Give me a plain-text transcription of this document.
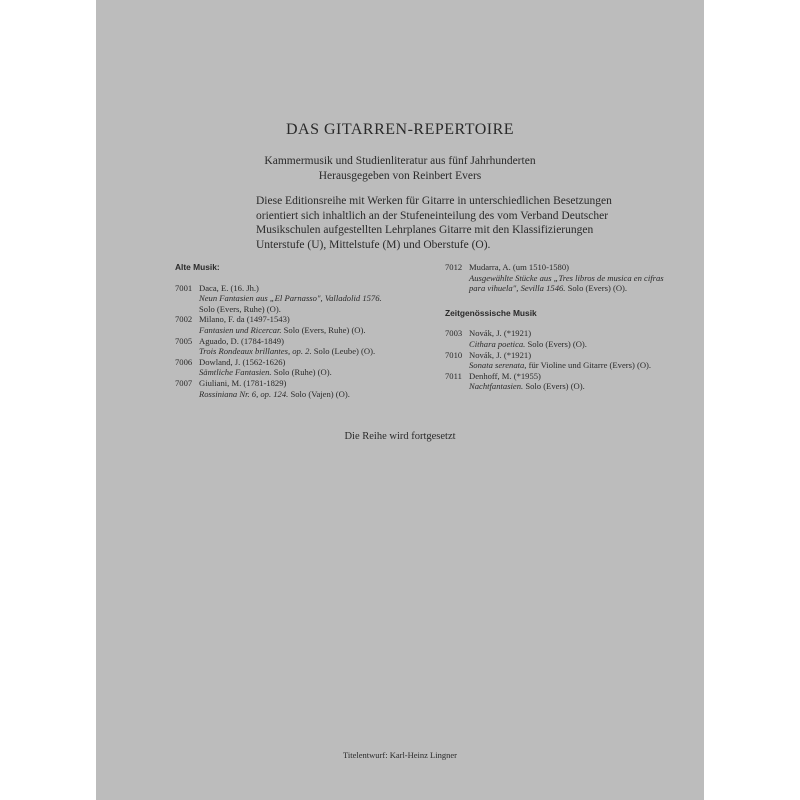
DAS GITARREN-REPERTOIRE
Kammermusik und Studienliteratur aus fünf Jahrhunderten
Herausgegeben von Reinbert Evers
Diese Editionsreihe mit Werken für Gitarre in unterschiedlichen Besetzungen
orientiert sich inhaltlich an der Stufeneinteilung des vom Verband Deutscher
Musikschulen aufgestellten Lehrplanes Gitarre mit den Klassifizierungen
Unterstufe (U), Mittelstufe (M) und Oberstufe (O).
Alte Musik:
7001 Daca, E. (16. Jh.)
Neun Fantasien aus „El Parnasso", Valladolid 1576.
Solo (Evers, Ruhe) (O).
7002 Milano, F. da (1497-1543)
Fantasien und Ricercar. Solo (Evers, Ruhe) (O).
7005 Aguado, D. (1784-1849)
Trois Rondeaux brillantes, op. 2. Solo (Leube) (O).
7006 Dowland, J. (1562-1626)
Sämtliche Fantasien. Solo (Ruhe) (O).
7007 Giuliani, M. (1781-1829)
Rossiniana Nr. 6, op. 124. Solo (Vajen) (O).
7012 Mudarra, A. (um 1510-1580)
Ausgewählte Stücke aus „Tres libros de musica en cifras
para vihuela", Sevilla 1546. Solo (Evers) (O).
Zeitgenössische Musik
7003 Novák, J. (*1921)
Cithara poetica. Solo (Evers) (O).
7010 Novák, J. (*1921)
Sonata serenata, für Violine und Gitarre (Evers) (O).
7011 Denhoff, M. (*1955)
Nachtfantasien. Solo (Evers) (O).
Die Reihe wird fortgesetzt
Titelentwurf: Karl-Heinz Lingner
